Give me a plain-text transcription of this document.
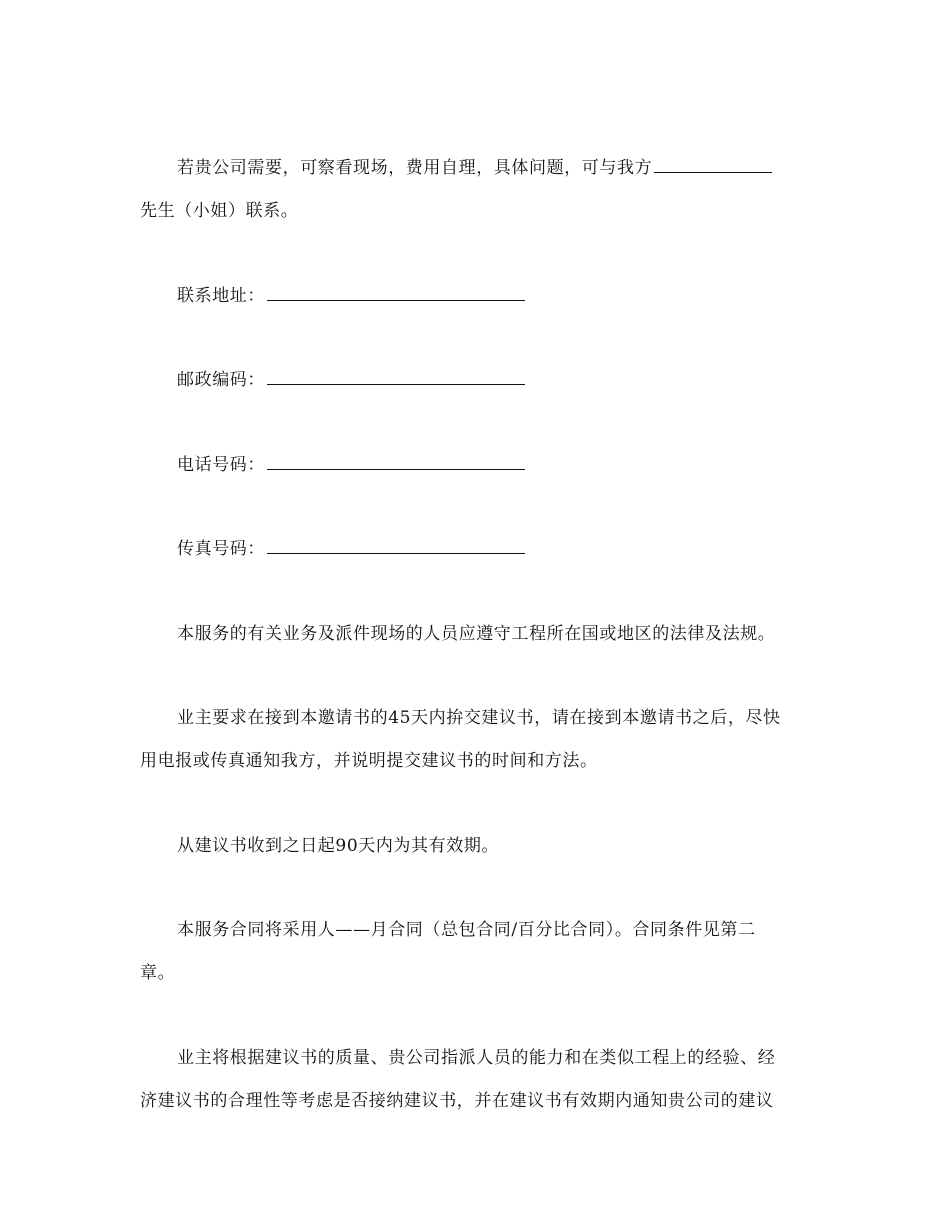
若贵公司需要，可察看现场，费用自理，具体问题，可与我方
先生（小姐）联系。
联系地址：
邮政编码：
电话号码：
传真号码：
本服务的有关业务及派件现场的人员应遵守工程所在国或地区的法律及法规。
业主要求在接到本邀请书的45天内拚交建议书，请在接到本邀请书之后，尽快
用电报或传真通知我方，并说明提交建议书的时间和方法。
从建议书收到之日起90天内为其有效期。
本服务合同将采用人——月合同（总包合同/百分比合同）。合同条件见第二
章。
业主将根据建议书的质量、贵公司指派人员的能力和在类似工程上的经验、经
济建议书的合理性等考虑是否接纳建议书，并在建议书有效期内通知贵公司的建议
